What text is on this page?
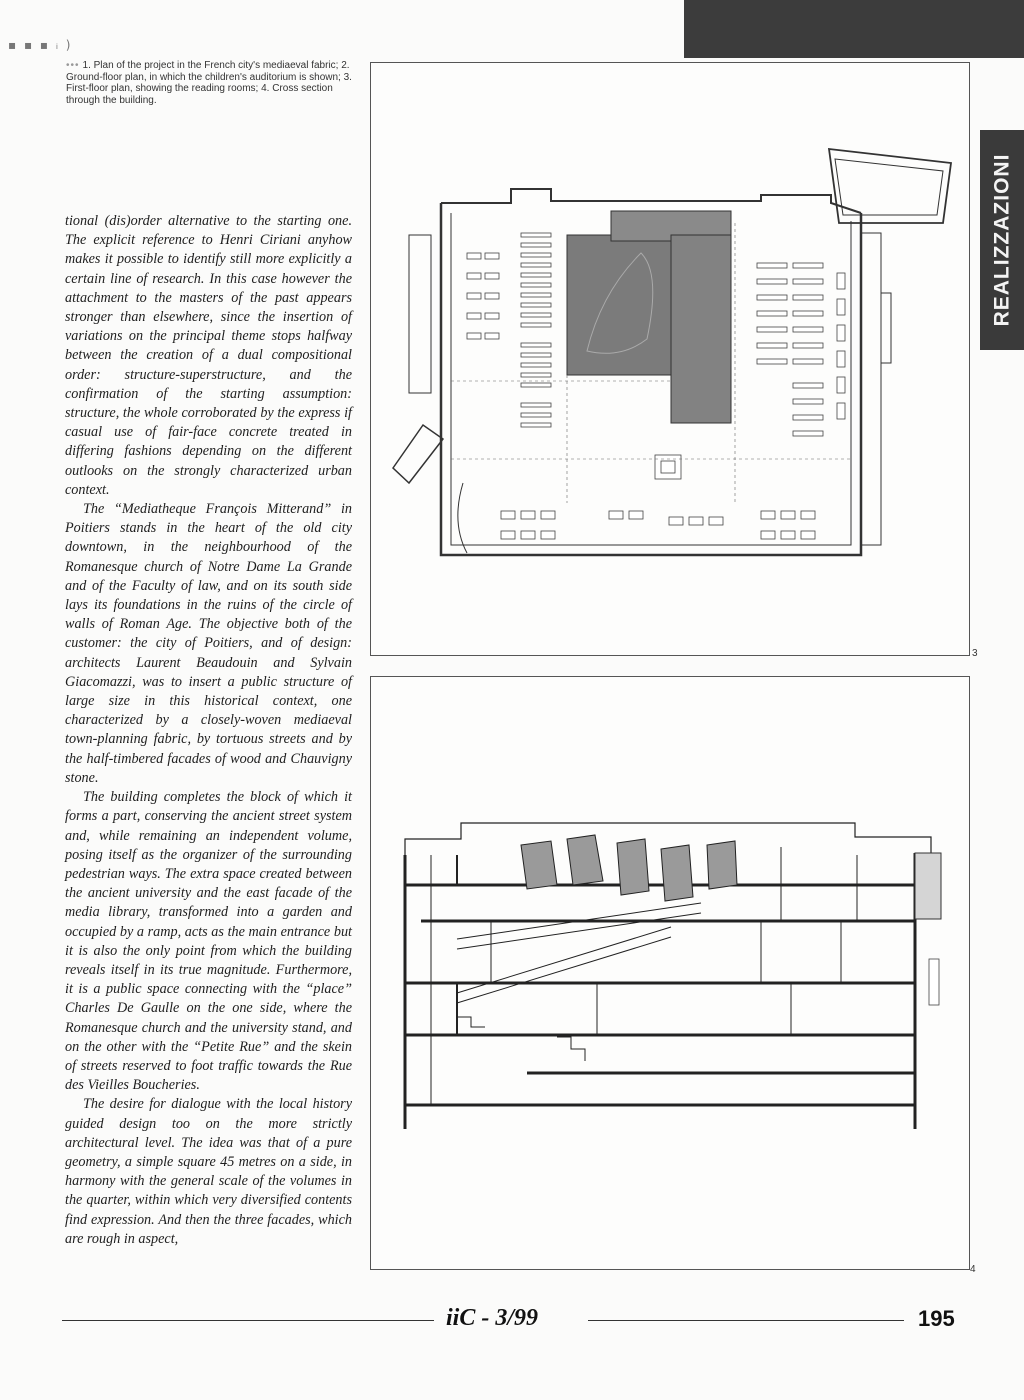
REALIZZAZIONI
▪ ▪ ▪ ᵢ )
••• 1. Plan of the project in the French city's mediaeval fabric; 2. Ground-floor plan, in which the children's auditorium is shown; 3. First-floor plan, showing the reading rooms; 4. Cross section through the building.

tional (dis)order alternative to the starting one. The explicit reference to Henri Ciriani anyhow makes it possible to identify still more explicitly a certain line of research. In this case however the attachment to the masters of the past appears stronger than elsewhere, since the insertion of variations on the principal theme stops halfway between the creation of a dual compositional order: structure-superstructure, and the confirmation of the starting assumption: structure, the whole corroborated by the express if casual use of fair-face concrete treated in differing fashions depending on the different outlooks on the strongly characterized urban context.

The “Mediatheque François Mitterand” in Poitiers stands in the heart of the old city downtown, in the neighbourhood of the Romanesque church of Notre Dame La Grande and of the Faculty of law, and on its south side lays its foundations in the ruins of the circle of walls of Roman Age. The objective both of the customer: the city of Poitiers, and of design: architects Laurent Beaudouin and Sylvain Giacomazzi, was to insert a public structure of large size in this historical context, one characterized by a closely-woven mediaeval town-planning fabric, by tortuous streets and by the half-timbered facades of wood and Chauvigny stone.

The building completes the block of which it forms a part, conserving the ancient street system and, while remaining an independent volume, posing itself as the organizer of the surrounding pedestrian ways. The extra space created between the ancient university and the east facade of the media library, transformed into a garden and occupied by a ramp, acts as the main entrance but it is also the only point from which the building reveals itself in its true magnitude. Furthermore, it is a public space connecting with the “place” Charles De Gaulle on the one side, where the Romanesque church and the university stand, and on the other with the “Petite Rue” and the skein of streets reserved to foot traffic towards the Rue des Vieilles Boucheries.

The desire for dialogue with the local history guided design too on the more strictly architectural level. The idea was that of a pure geometry, a simple square 45 metres on a side, in harmony with the general scale of the volumes in the quarter, within which very diversified contents find expression. And then the three facades, which are rough in aspect,

3
4
iiC - 3/99	195
